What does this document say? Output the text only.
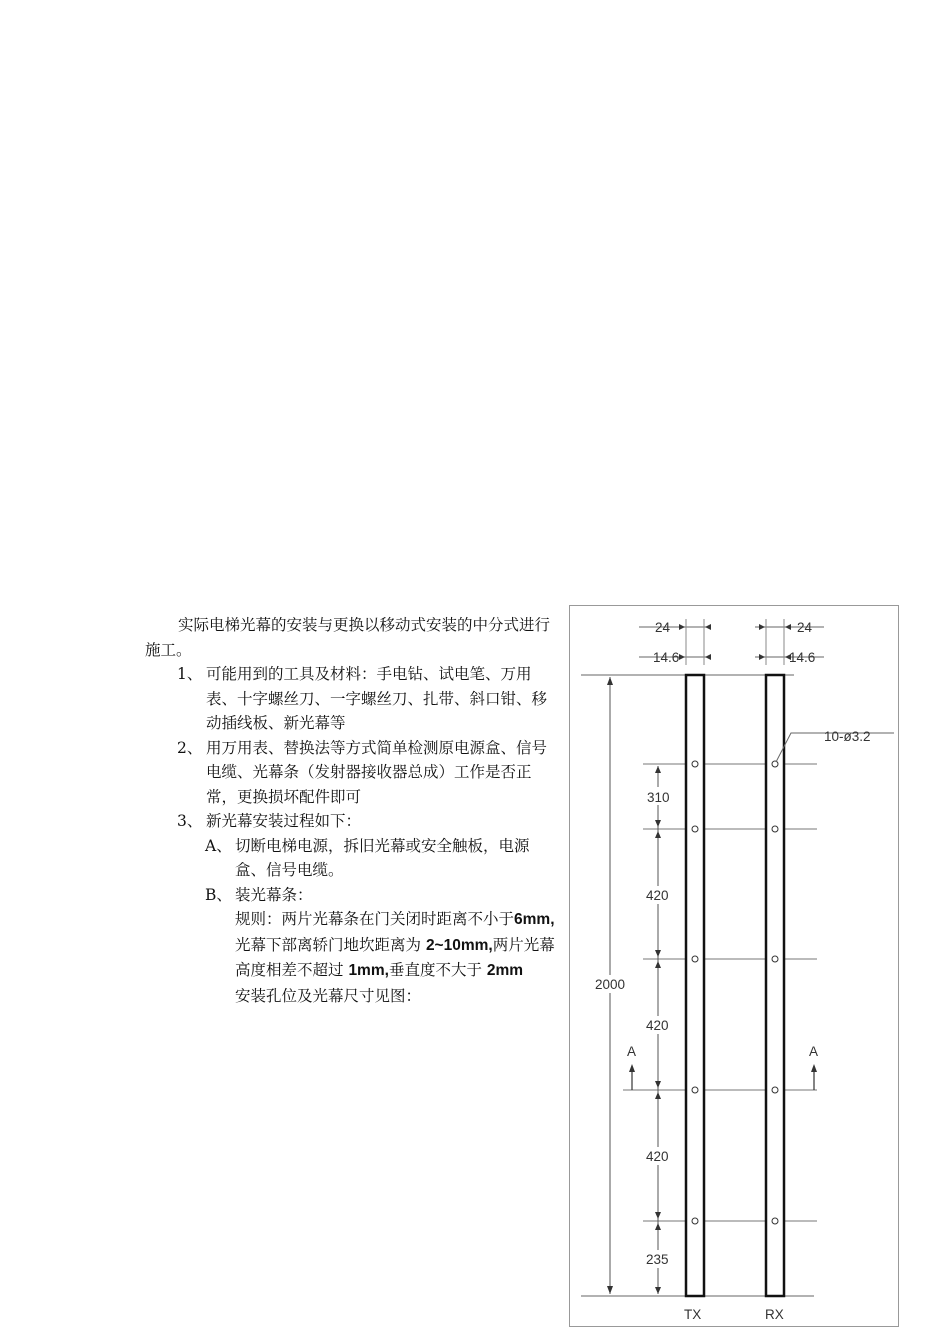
实际电梯光幕的安装与更换以移动式安装的中分式进行施工。

1、 可能用到的工具及材料：手电钻、试电笔、万用表、十字螺丝刀、一字螺丝刀、扎带、斜口钳、移动插线板、新光幕等
2、 用万用表、替换法等方式简单检测原电源盒、信号电缆、光幕条（发射器接收器总成）工作是否正常，更换损坏配件即可
3、 新光幕安装过程如下：
A、 切断电梯电源，拆旧光幕或安全触板，电源盒、信号电缆。
B、 装光幕条：
规则：两片光幕条在门关闭时距离不小于6mm,光幕下部离轿门地坎距离为 2~10mm,两片光幕高度相差不超过 1mm,垂直度不大于 2mm
安装孔位及光幕尺寸见图：
24	24
14.6	14.6
10-ø3.2
2000
310
420
420
420
235
A	A
TX	RX
